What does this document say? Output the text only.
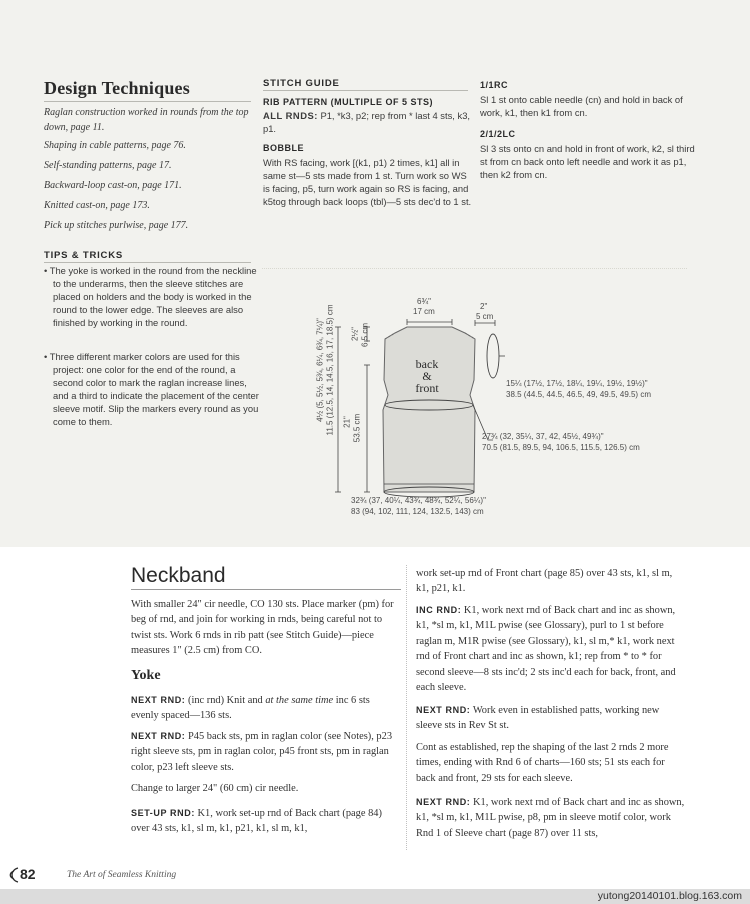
Design Techniques
Raglan construction worked in rounds from the top down, page 11.
Shaping in cable patterns, page 76.
Self-standing patterns, page 17.
Backward-loop cast-on, page 171.
Knitted cast-on, page 173.
Pick up stitches purlwise, page 177.
TIPS & TRICKS
• The yoke is worked in the round from the neckline to the underarms, then the sleeve stitches are placed on holders and the body is worked in the round to the lower edge. The sleeves are also finished by working in the round.
• Three different marker colors are used for this project: one color for the end of the round, a second color to mark the raglan increase lines, and a third to indicate the placement of the center sleeve motif. Slip the markers every round as you come to them.
STITCH GUIDE
RIB PATTERN (MULTIPLE OF 5 STS)
ALL RNDS: P1, *k3, p2; rep from * last 4 sts, k3, p1.
BOBBLE
With RS facing, work [(k1, p1) 2 times, k1] all in same st—5 sts made from 1 st. Turn work so WS is facing, p5, turn work again so RS is facing, and k5tog through back loops (tbl)—5 sts dec'd to 1 st.
1/1RC
Sl 1 st onto cable needle (cn) and hold in back of work, k1, then k1 from cn.
2/1/2LC
Sl 3 sts onto cn and hold in front of work, k2, sl third st from cn back onto left needle and work it as p1, then k2 from cn.
back
&
front
6¾"
17 cm
2"
5 cm
15¼ (17½, 17½, 18¼, 19¼, 19½, 19½)"
38.5 (44.5, 44.5, 46.5, 49, 49.5, 49.5) cm
27¾ (32, 35¼, 37, 42, 45½, 49¾)"
70.5 (81.5, 89.5, 94, 106.5, 115.5, 126.5) cm
32¾ (37, 40¼, 43¾, 48¾, 52¼, 56¼)"
83 (94, 102, 111, 124, 132.5, 143) cm
2½" 6.5 cm
4½ (5, 5½, 5¾, 6¼, 6¾, 7¼)" 11.5 (12.5, 14, 14.5, 16, 17, 18.5) cm 21" 53.5 cm
Neckband
With smaller 24" cir needle, CO 130 sts. Place marker (pm) for beg of rnd, and join for working in rnds, being careful not to twist sts. Work 6 rnds in rib patt (see Stitch Guide)—piece measures 1" (2.5 cm) from CO.
Yoke
NEXT RND: (inc rnd) Knit and at the same time inc 6 sts evenly spaced—136 sts.
NEXT RND: P45 back sts, pm in raglan color (see Notes), p23 right sleeve sts, pm in raglan color, p45 front sts, pm in raglan color, p23 left sleeve sts.
Change to larger 24" (60 cm) cir needle.
SET-UP RND: K1, work set-up rnd of Back chart (page 84) over 43 sts, k1, sl m, k1, p21, k1, sl m, k1,
work set-up rnd of Front chart (page 85) over 43 sts, k1, sl m, k1, p21, k1.
INC RND: K1, work next rnd of Back chart and inc as shown, k1, *sl m, k1, M1L pwise (see Glossary), purl to 1 st before raglan m, M1R pwise (see Glossary), k1, sl m,* k1, work next rnd of Front chart and inc as shown, k1; rep from * to * for second sleeve—8 sts inc'd; 2 sts inc'd each for back, front, and each sleeve.
NEXT RND: Work even in established patts, working new sleeve sts in Rev St st.
Cont as established, rep the shaping of the last 2 rnds 2 more times, ending with Rnd 6 of charts—160 sts; 51 sts each for back and front, 29 sts for each sleeve.
NEXT RND: K1, work next rnd of Back chart and inc as shown, k1, *sl m, k1, M1L pwise, p8, pm in sleeve motif color, work Rnd 1 of Sleeve chart (page 87) over 11 sts,
82	The Art of Seamless Knitting
yutong20140101.blog.163.com
